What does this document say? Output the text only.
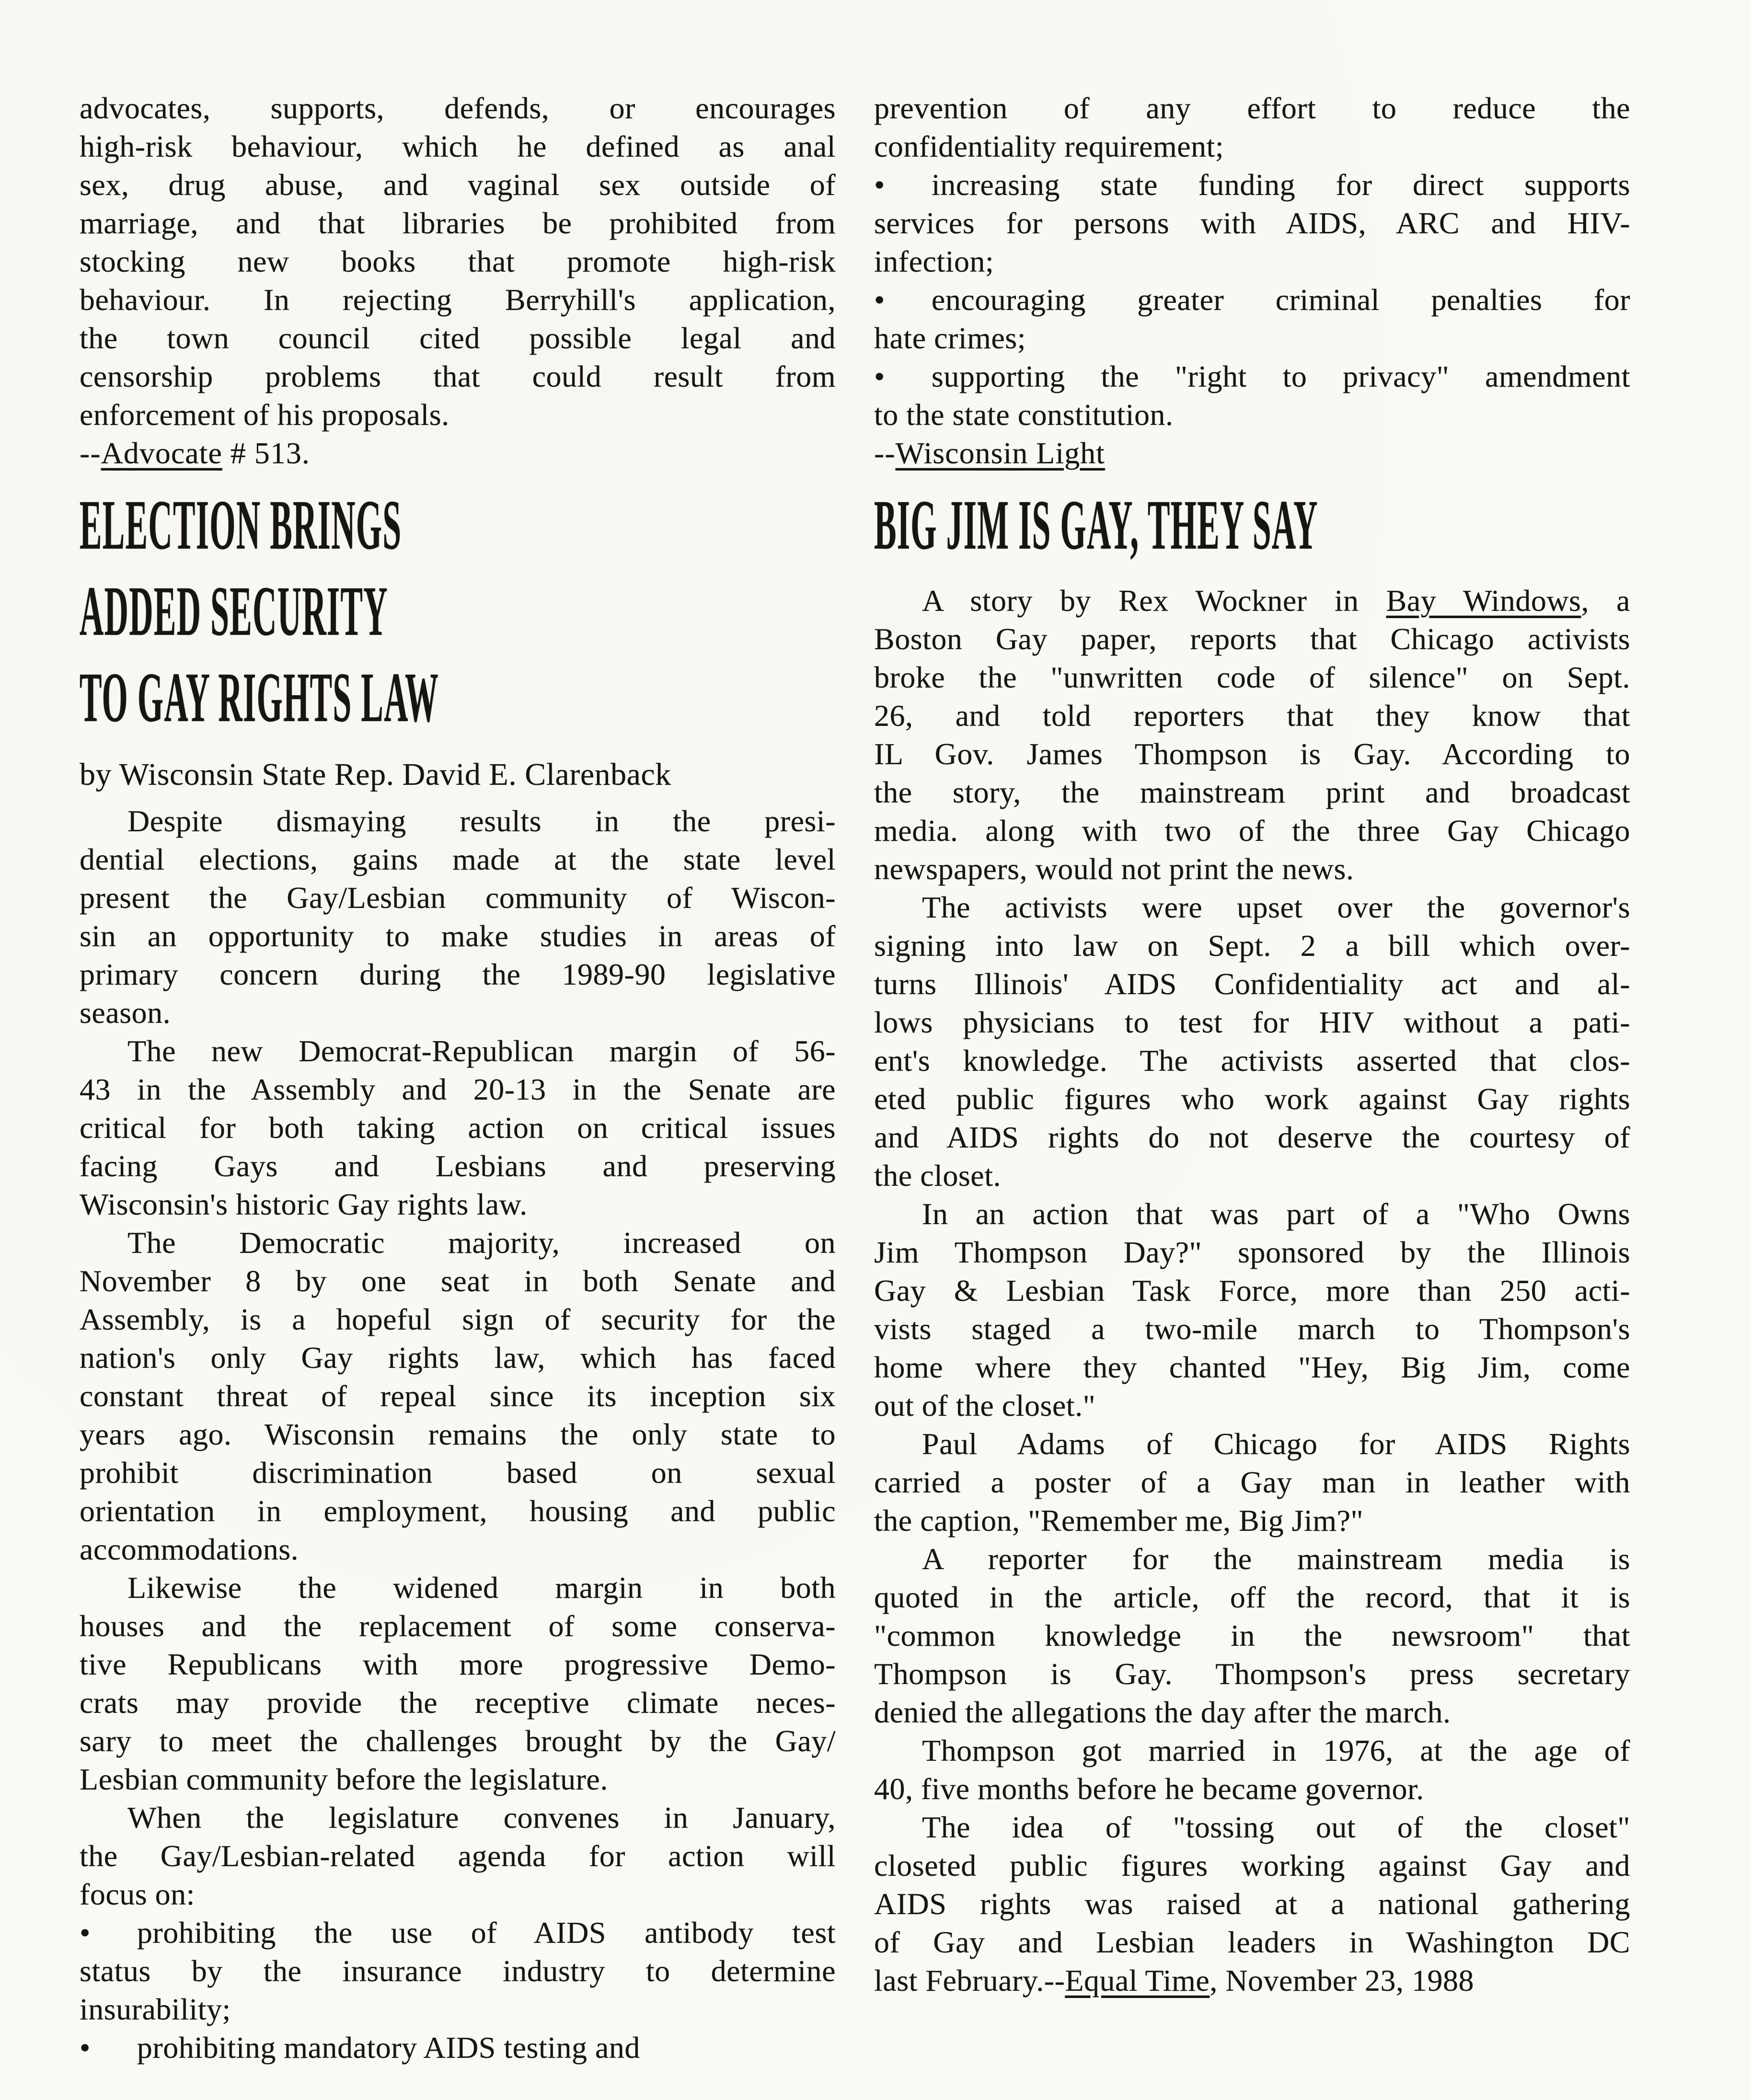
advocates, supports, defends, or encourages
high-risk behaviour, which he defined as anal
sex, drug abuse, and vaginal sex outside of
marriage, and that libraries be prohibited from
stocking new books that promote high-risk
behaviour. In rejecting Berryhill's application,
the town council cited possible legal and
censorship problems that could result from
enforcement of his proposals.
--Advocate # 513.
ELECTION BRINGS
ADDED SECURITY
TO GAY RIGHTS LAW
by Wisconsin State Rep. David E. Clarenback
Despite dismaying results in the presi-
dential elections, gains made at the state level
present the Gay/Lesbian community of Wiscon-
sin an opportunity to make studies in areas of
primary concern during the 1989-90 legislative
season.
The new Democrat-Republican margin of 56-
43 in the Assembly and 20-13 in the Senate are
critical for both taking action on critical issues
facing Gays and Lesbians and preserving
Wisconsin's historic Gay rights law.
The Democratic majority, increased on
November 8 by one seat in both Senate and
Assembly, is a hopeful sign of security for the
nation's only Gay rights law, which has faced
constant threat of repeal since its inception six
years ago. Wisconsin remains the only state to
prohibit discrimination based on sexual
orientation in employment, housing and public
accommodations.
Likewise the widened margin in both
houses and the replacement of some conserva-
tive Republicans with more progressive Demo-
crats may provide the receptive climate neces-
sary to meet the challenges brought by the Gay/
Lesbian community before the legislature.
When the legislature convenes in January,
the Gay/Lesbian-related agenda for action will
focus on:
•  prohibiting the use of AIDS antibody test
status by the insurance industry to determine
insurability;
•  prohibiting mandatory AIDS testing and
prevention of any effort to reduce the
confidentiality requirement;
•  increasing state funding for direct supports
services for persons with AIDS, ARC and HIV-
infection;
•  encouraging greater criminal penalties for
hate crimes;
•  supporting the "right to privacy" amendment
to the state constitution.
--Wisconsin Light
BIG JIM IS GAY, THEY SAY
A story by Rex Wockner in Bay Windows, a
Boston Gay paper, reports that Chicago activists
broke the "unwritten code of silence" on Sept.
26, and told reporters that they know that
IL Gov. James Thompson is Gay. According to
the story, the mainstream print and broadcast
media. along with two of the three Gay Chicago
newspapers, would not print the news.
The activists were upset over the governor's
signing into law on Sept. 2 a bill which over-
turns Illinois' AIDS Confidentiality act and al-
lows physicians to test for HIV without a pati-
ent's knowledge. The activists asserted that clos-
eted public figures who work against Gay rights
and AIDS rights do not deserve the courtesy of
the closet.
In an action that was part of a "Who Owns
Jim Thompson Day?" sponsored by the Illinois
Gay & Lesbian Task Force, more than 250 acti-
vists staged a two-mile march to Thompson's
home where they chanted "Hey, Big Jim, come
out of the closet."
Paul Adams of Chicago for AIDS Rights
carried a poster of a Gay man in leather with
the caption, "Remember me, Big Jim?"
A reporter for the mainstream media is
quoted in the article, off the record, that it is
"common knowledge in the newsroom" that
Thompson is Gay. Thompson's press secretary
denied the allegations the day after the march.
Thompson got married in 1976, at the age of
40, five months before he became governor.
The idea of "tossing out of the closet"
closeted public figures working against Gay and
AIDS rights was raised at a national gathering
of Gay and Lesbian leaders in Washington DC
last February.--Equal Time, November 23, 1988
